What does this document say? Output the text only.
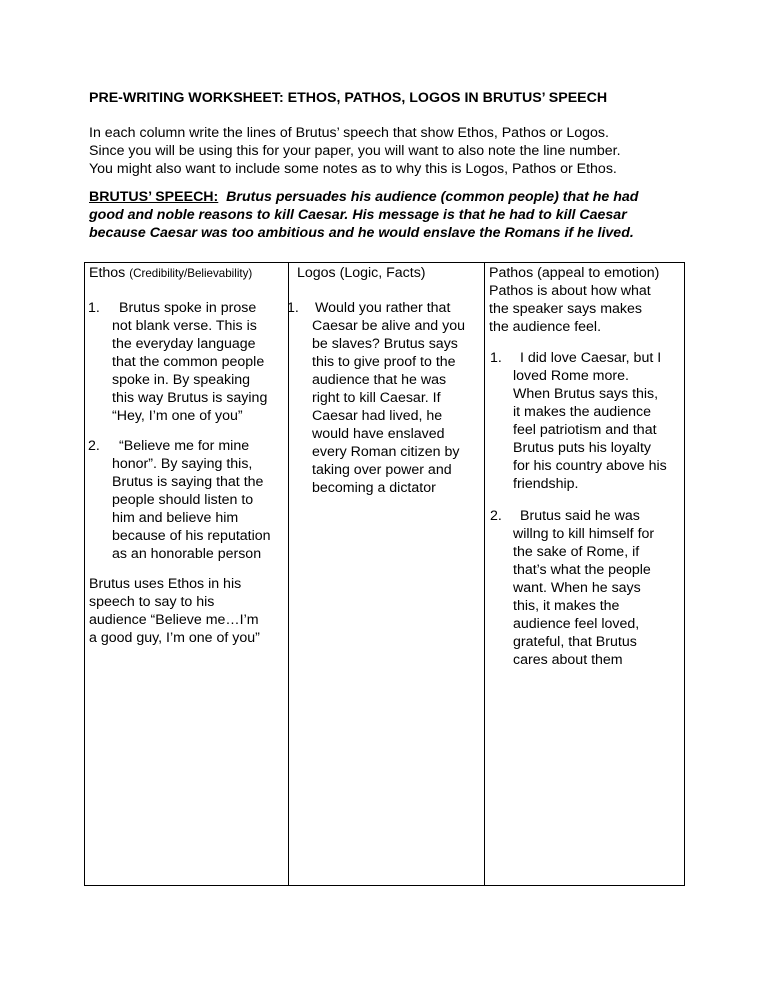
PRE-WRITING WORKSHEET: ETHOS, PATHOS, LOGOS IN BRUTUS’ SPEECH
In each column write the lines of Brutus’ speech that show Ethos, Pathos or Logos.
Since you will be using this for your paper, you will want to also note the line number.
You might also want to include some notes as to why this is Logos, Pathos or Ethos.
BRUTUS’ SPEECH: Brutus persuades his audience (common people) that he had
good and noble reasons to kill Caesar. His message is that he had to kill Caesar
because Caesar was too ambitious and he would enslave the Romans if he lived.
Ethos (Credibility/Believability)
1. Brutus spoke in prose
not blank verse. This is
the everyday language
that the common people
spoke in. By speaking
this way Brutus is saying
“Hey, I’m one of you”
2. “Believe me for mine
honor”. By saying this,
Brutus is saying that the
people should listen to
him and believe him
because of his reputation
as an honorable person
Brutus uses Ethos in his
speech to say to his
audience “Believe me…I’m
a good guy, I’m one of you”
Logos (Logic, Facts)
1. Would you rather that
Caesar be alive and you
be slaves? Brutus says
this to give proof to the
audience that he was
right to kill Caesar. If
Caesar had lived, he
would have enslaved
every Roman citizen by
taking over power and
becoming a dictator
Pathos (appeal to emotion)
Pathos is about how what
the speaker says makes
the audience feel.
1. I did love Caesar, but I
loved Rome more.
When Brutus says this,
it makes the audience
feel patriotism and that
Brutus puts his loyalty
for his country above his
friendship.
2. Brutus said he was
willng to kill himself for
the sake of Rome, if
that’s what the people
want. When he says
this, it makes the
audience feel loved,
grateful, that Brutus
cares about them
